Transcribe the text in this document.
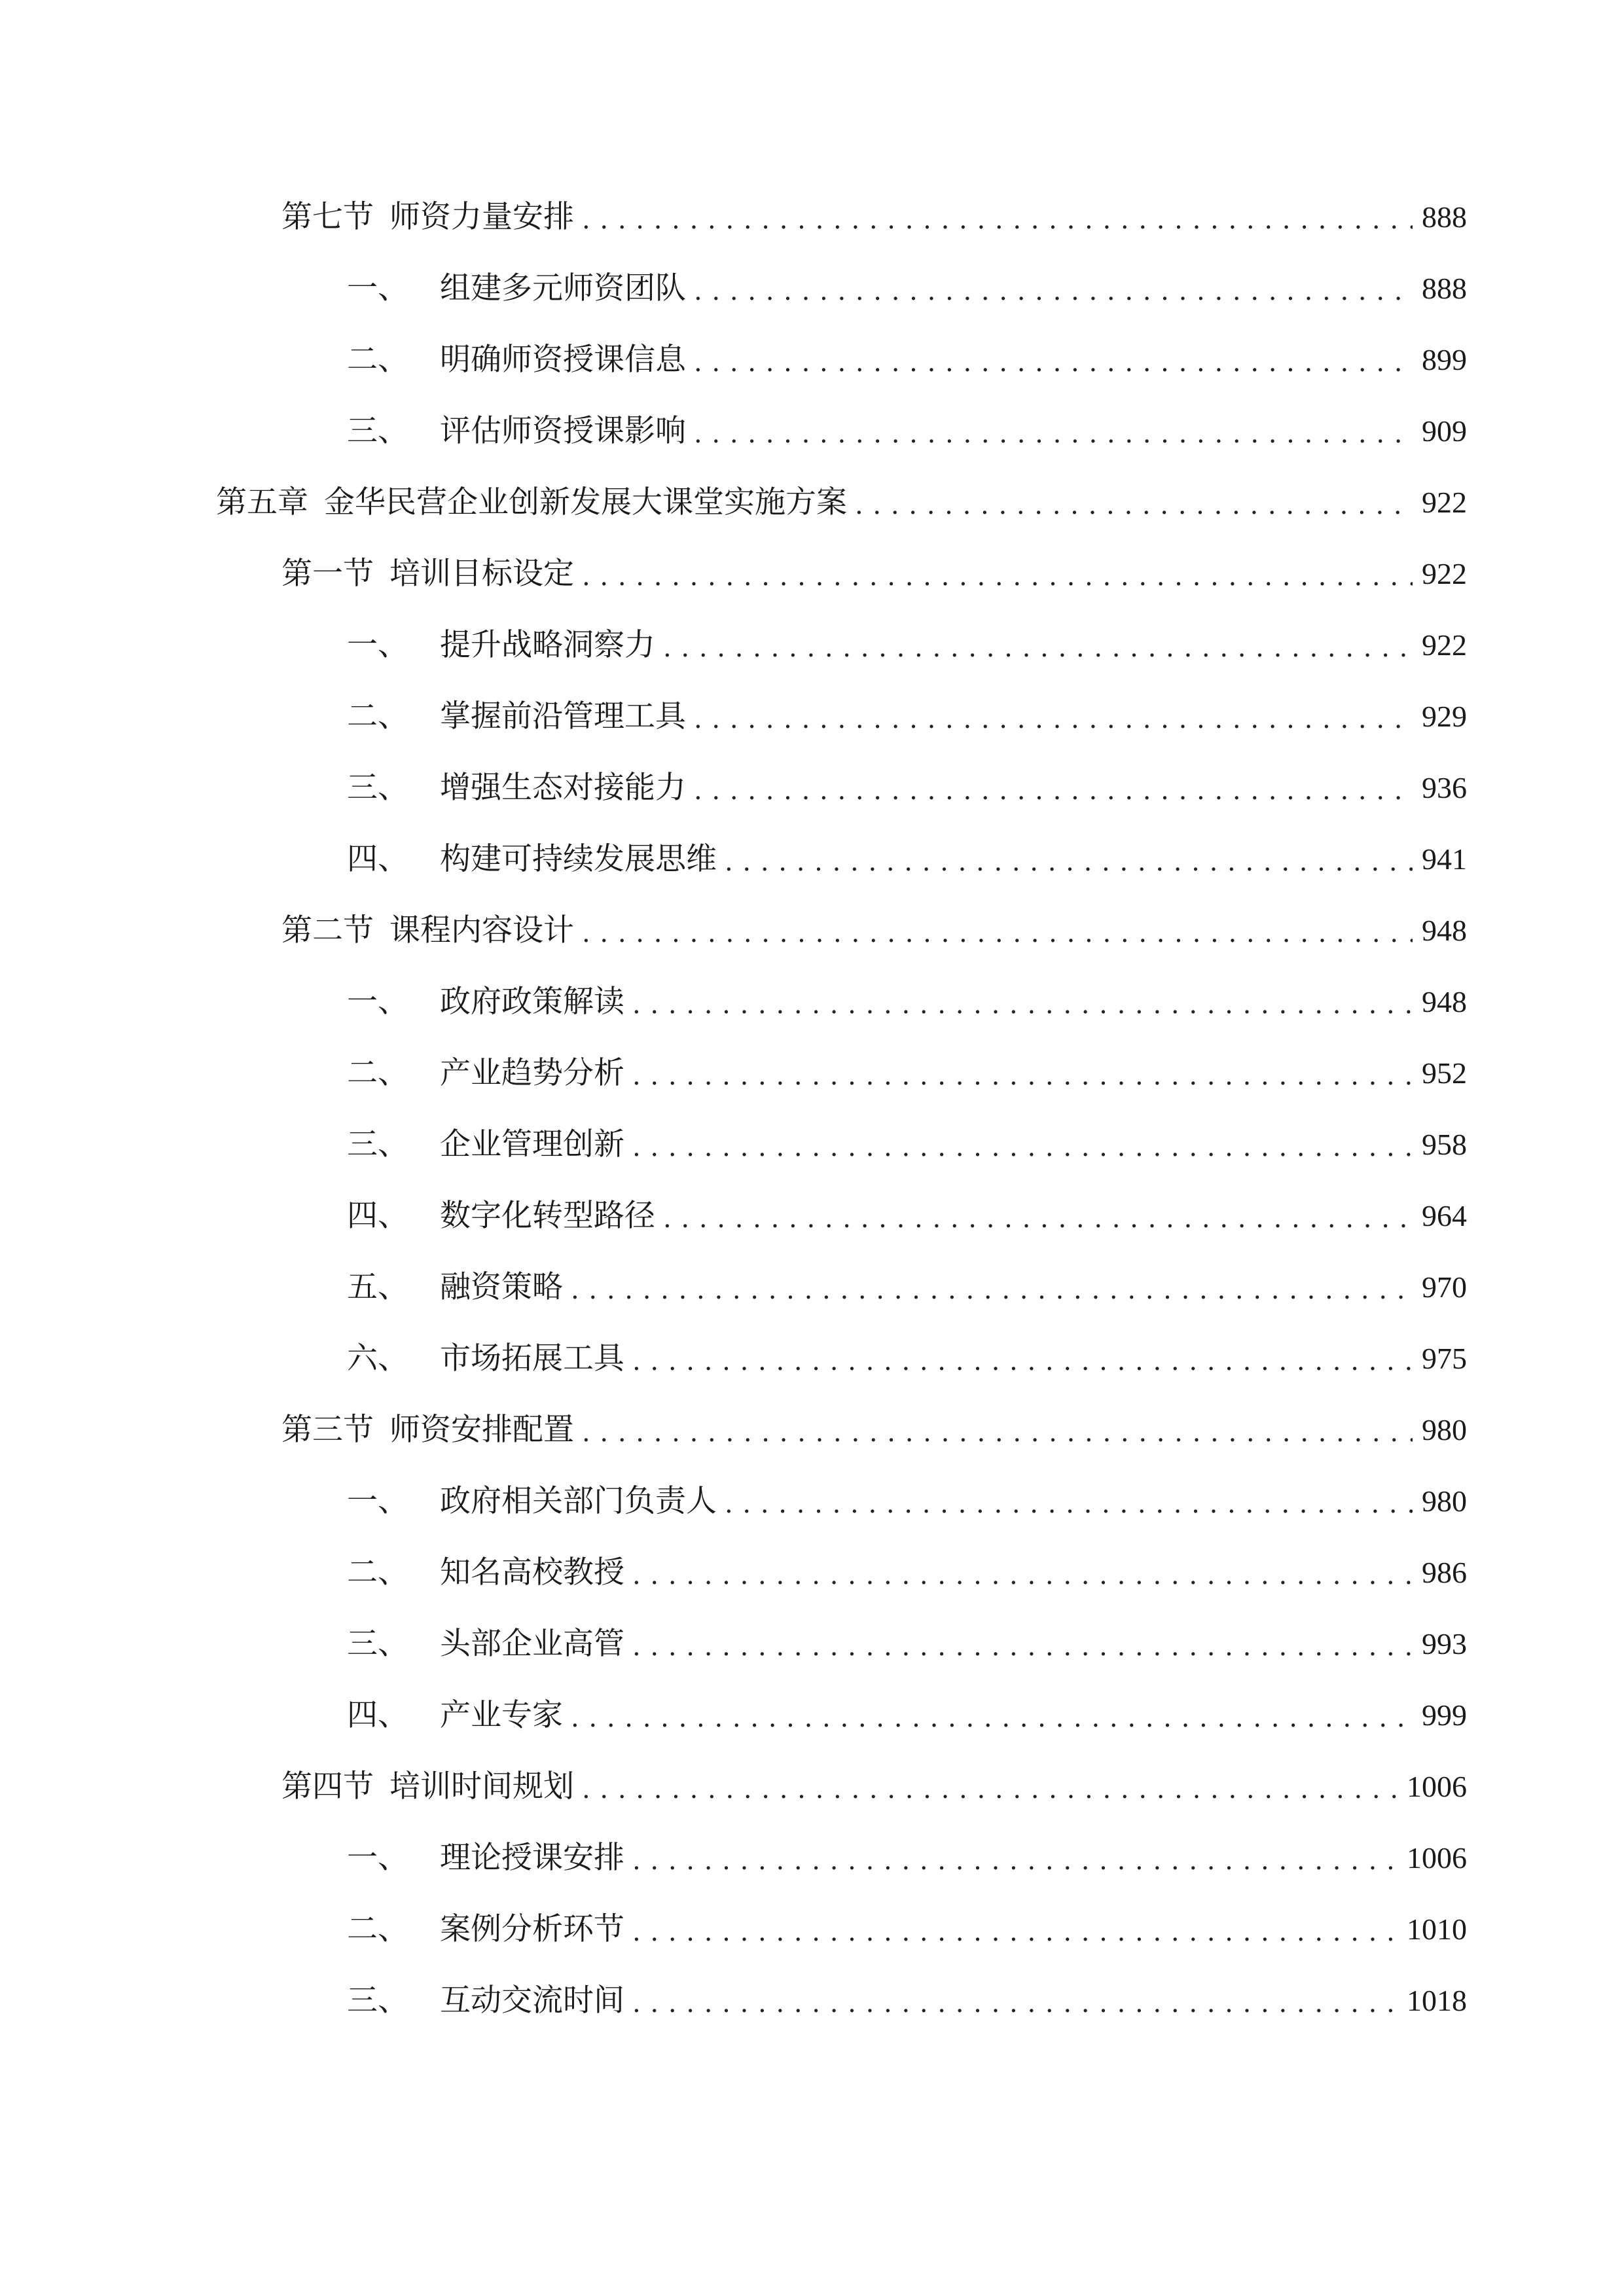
第七节 师资力量安排 . . .	888
一、 组建多元师资团队 . . .	888
二、 明确师资授课信息 . . .	899
三、 评估师资授课影响 . . .	909
第五章 金华民营企业创新发展大课堂实施方案 . . .	922
第一节 培训目标设定 . . .	922
一、 提升战略洞察力 . . .	922
二、 掌握前沿管理工具 . . .	929
三、 增强生态对接能力 . . .	936
四、 构建可持续发展思维 . . .	941
第二节 课程内容设计 . . .	948
一、 政府政策解读 . . .	948
二、 产业趋势分析 . . .	952
三、 企业管理创新 . . .	958
四、 数字化转型路径 . . .	964
五、 融资策略 . . .	970
六、 市场拓展工具 . . .	975
第三节 师资安排配置 . . .	980
一、 政府相关部门负责人 . . .	980
二、 知名高校教授 . . .	986
三、 头部企业高管 . . .	993
四、 产业专家 . . .	999
第四节 培训时间规划 . . .	1006
一、 理论授课安排 . . .	1006
二、 案例分析环节 . . .	1010
三、 互动交流时间 . . .	1018
